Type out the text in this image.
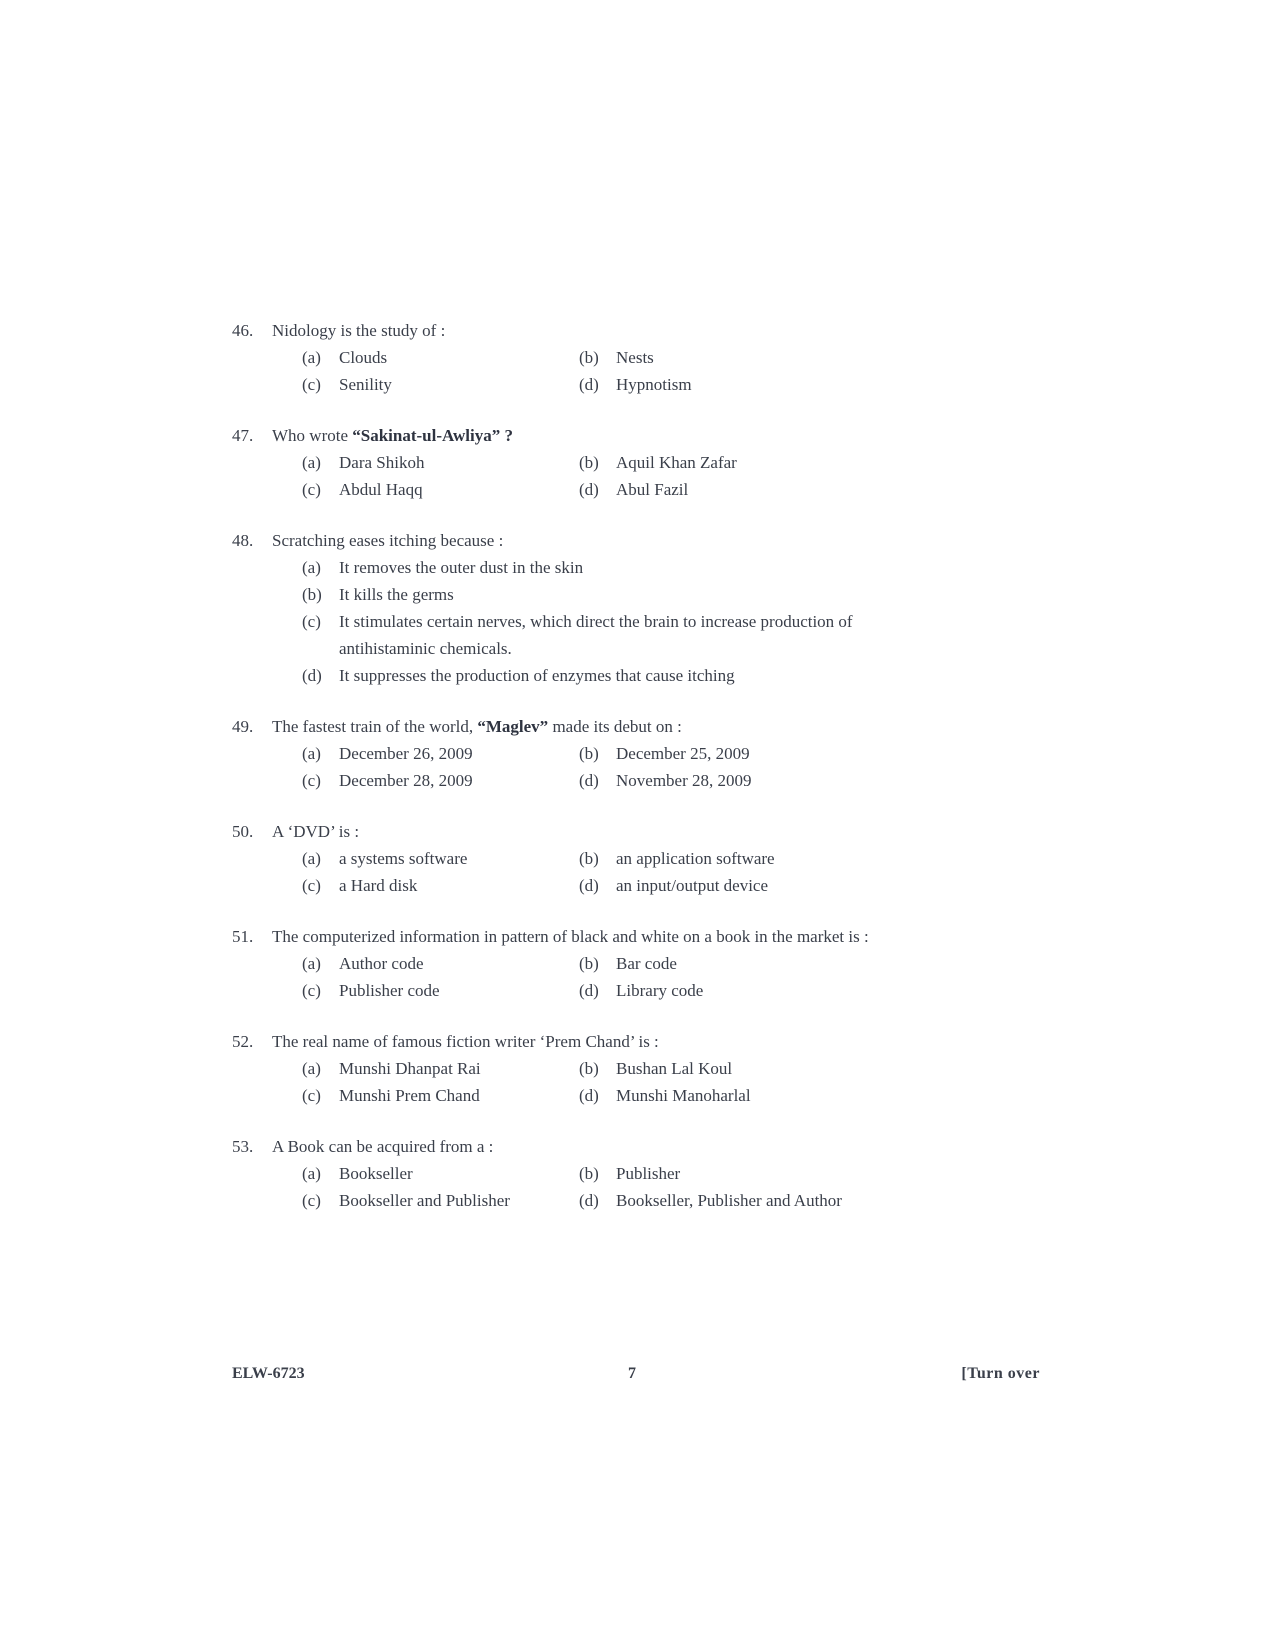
46.	Nidology is the study of :
(a)	Clouds	(b)	Nests
(c)	Senility	(d)	Hypnotism
47.	Who wrote “Sakinat-ul-Awliya” ?
(a)	Dara Shikoh	(b)	Aquil Khan Zafar
(c)	Abdul Haqq	(d)	Abul Fazil
48.	Scratching eases itching because :
(a)	It removes the outer dust in the skin
(b)	It kills the germs
(c)	It stimulates certain nerves, which direct the brain to increase production of antihistaminic chemicals.
(d)	It suppresses the production of enzymes that cause itching
49.	The fastest train of the world, “Maglev” made its debut on :
(a)	December 26, 2009	(b)	December 25, 2009
(c)	December 28, 2009	(d)	November 28, 2009
50.	A ‘DVD’ is :
(a)	a systems software	(b)	an application software
(c)	a Hard disk	(d)	an input/output device
51.	The computerized information in pattern of black and white on a book in the market is :
(a)	Author code	(b)	Bar code
(c)	Publisher code	(d)	Library code
52.	The real name of famous fiction writer ‘Prem Chand’ is :
(a)	Munshi Dhanpat Rai	(b)	Bushan Lal Koul
(c)	Munshi Prem Chand	(d)	Munshi Manoharlal
53.	A Book can be acquired from a :
(a)	Bookseller	(b)	Publisher
(c)	Bookseller and Publisher	(d)	Bookseller, Publisher and Author
ELW-6723	7	[Turn over
